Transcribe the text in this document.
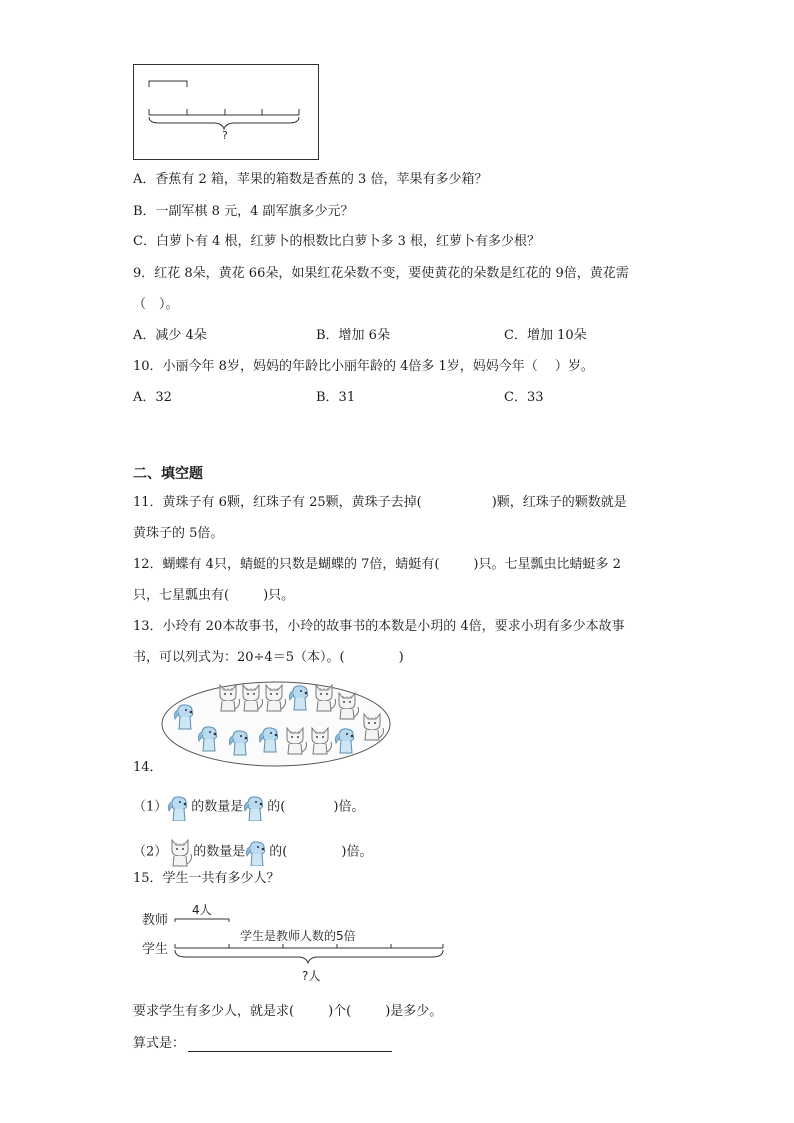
?
A．香蕉有 2 箱，苹果的箱数是香蕉的 3 倍，苹果有多少箱？
B．一副军棋 8 元，4 副军旗多少元？
C．白萝卜有 4 根，红萝卜的根数比白萝卜多 3 根，红萝卜有多少根？
9．红花 8朵，黄花 66朵，如果红花朵数不变，要使黄花的朵数是红花的 9倍，黄花需
（　）。
A．减少 4朵	B．增加 6朵	C．增加 10朵
10．小丽今年 8岁，妈妈的年龄比小丽年龄的 4倍多 1岁，妈妈今年（　 ）岁。
A．32	B．31	C．33
二、填空题
11．黄珠子有 6颗，红珠子有 25颗，黄珠子去掉(	)颗，红珠子的颗数就是
黄珠子的 5倍。
12．蝴蝶有 4只，蜻蜓的只数是蝴蝶的 7倍，蜻蜓有(	)只。七星瓢虫比蜻蜓多 2
只，七星瓢虫有(	)只。
13．小玲有 20本故事书，小玲的故事书的本数是小玥的 4倍，要求小玥有多少本故事
书，可以列式为：20÷4＝5（本）。(	)
14．
（1） 的数量是 的(	)倍。
（2） 的数量是 的(	)倍。
15．学生一共有多少人？
教师
4人
学生
学生是教师人数的5倍
?人
要求学生有多少人，就是求(	)个(	)是多少。
算式是：
